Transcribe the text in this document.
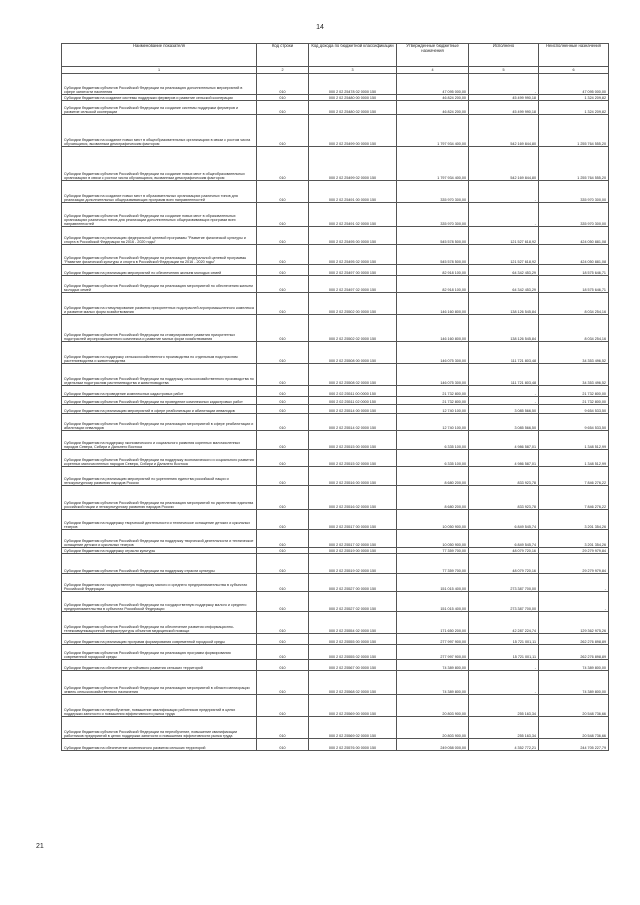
14
21
Наименование показателя	Код строки	Код дохода по бюджетной классификации	Утвержденные бюджетные назначения	Исполнено	Неисполненные назначения
1	2	3	4	5	6
Субсидии бюджетам субъектов Российской Федерации на реализацию дополнительных мероприятий в сфере занятости населения	010	000 2 02 25478 02 0000 150	47 095 000,00	-	47 095 000,00
Субсидии бюджетам на создание системы поддержки фермеров и развитие сельской кооперации	010	000 2 02 25480 00 0000 150	46 824 200,00	45 499 990,18	1 324 209,82
Субсидии бюджетам субъектов Российской Федерации на создание системы поддержки фермеров и развитие сельской кооперации	010	000 2 02 25480 02 0000 150	46 824 200,00	45 499 990,18	1 324 209,82
Субсидии бюджетам на создание новых мест в общеобразовательных организациях в связи с ростом числа обучающихся, вызванным демографическим фактором	010	000 2 02 25499 00 0000 150	1 797 934 400,00	542 169 844,80	1 255 764 555,20
Субсидии бюджетам субъектов Российской Федерации на создание новых мест в общеобразовательных организациях в связи с ростом числа обучающихся, вызванным демографическим фактором	010	000 2 02 25499 02 0000 150	1 797 934 400,00	542 169 844,80	1 255 764 555,20
Субсидии бюджетам на создание новых мест в образовательных организациях различных типов для реализации дополнительных общеразвивающих программ всех направленностей	010	000 2 02 25491 00 0000 150	335 970 300,00	-	335 970 300,00
Субсидии бюджетам субъектов Российской Федерации на создание новых мест в образовательных организациях различных типов для реализации дополнительных общеразвивающих программ всех направленностей	010	000 2 02 25491 02 0000 150	335 970 300,00	-	335 970 300,00
Субсидии бюджетам на реализацию федеральной целевой программы "Развитие физической культуры и спорта в Российской Федерации на 2016 - 2020 годы"	010	000 2 02 25495 00 0000 150	545 578 500,00	121 527 618,92	424 050 881,08
Субсидии бюджетам субъектов Российской Федерации на реализацию федеральной целевой программы "Развитие физической культуры и спорта в Российской Федерации на 2016 - 2020 годы"	010	000 2 02 25495 02 0000 150	545 578 500,00	121 527 618,92	424 050 881,08
Субсидии бюджетам на реализацию мероприятий по обеспечению жильем молодых семей	010	000 2 02 25497 00 0000 150	82 918 100,00	64 342 453,29	18 575 646,71
Субсидии бюджетам субъектов Российской Федерации на реализацию мероприятий по обеспечению жильем молодых семей	010	000 2 02 25497 02 0000 150	82 918 100,00	64 342 453,29	18 575 646,71
Субсидии бюджетам на стимулирование развития приоритетных подотраслей агропромышленного комплекса и развитие малых форм хозяйствования	010	000 2 02 25502 00 0000 150	146 160 800,00	138 126 545,84	8 034 254,16
Субсидии бюджетам субъектов Российской Федерации на стимулирование развития приоритетных подотраслей агропромышленного комплекса и развитие малых форм хозяйствования	010	000 2 02 25502 02 0000 150	146 160 800,00	138 126 545,84	8 034 254,16
Субсидии бюджетам на поддержку сельскохозяйственного производства по отдельным подотраслям растениеводства и животноводства	010	000 2 02 25508 00 0000 150	146 075 300,00	111 721 803,48	34 353 496,52
Субсидии бюджетам субъектов Российской Федерации на поддержку сельскохозяйственного производства по отдельным подотраслям растениеводства и животноводства	010	000 2 02 25508 02 0000 150	146 075 300,00	111 721 803,48	34 353 496,52
Субсидии бюджетам на проведение комплексных кадастровых работ	010	000 2 02 25511 00 0000 150	21 732 800,00	-	21 732 800,00
Субсидии бюджетам субъектов Российской Федерации на проведение комплексных кадастровых работ	010	000 2 02 25511 02 0000 150	21 732 800,00	-	21 732 800,00
Субсидии бюджетам на реализацию мероприятий в сфере реабилитации и абилитации инвалидов	010	000 2 02 25514 00 0000 150	12 740 100,00	3 085 566,50	9 654 533,50
Субсидии бюджетам субъектов Российской Федерации на реализацию мероприятий в сфере реабилитации и абилитации инвалидов	010	000 2 02 25514 02 0000 150	12 740 100,00	3 085 566,50	9 654 533,50
Субсидии бюджетам на поддержку экономического и социального развития коренных малочисленных народов Севера, Сибири и Дальнего Востока	010	000 2 02 25515 00 0000 150	6 335 100,00	4 986 587,01	1 348 512,99
Субсидии бюджетам субъектов Российской Федерации на поддержку экономического и социального развития коренных малочисленных народов Севера, Сибири и Дальнего Востока	010	000 2 02 25515 02 0000 150	6 335 100,00	4 986 587,01	1 348 512,99
Субсидии бюджетам на реализацию мероприятий по укреплению единства российской нации и этнокультурному развитию народов России	010	000 2 02 25516 00 0000 150	8 680 200,00	833 923,78	7 846 276,22
Субсидии бюджетам субъектов Российской Федерации на реализацию мероприятий по укреплению единства российской нации и этнокультурному развитию народов России	010	000 2 02 25516 02 0000 150	8 680 200,00	833 923,78	7 846 276,22
Субсидии бюджетам на поддержку творческой деятельности и техническое оснащение детских и кукольных театров	010	000 2 02 25517 00 0000 150	10 050 900,00	6 849 545,74	3 201 354,26
Субсидии бюджетам субъектов Российской Федерации на поддержку творческой деятельности и техническое оснащение детских и кукольных театров	010	000 2 02 25517 02 0000 150	10 050 900,00	6 849 545,74	3 201 354,26
Субсидии бюджетам на поддержку отрасли культуры	010	000 2 02 25519 00 0000 150	77 359 700,00	48 079 720,16	29 279 979,84
Субсидии бюджетам субъектов Российской Федерации на поддержку отрасли культуры	010	000 2 02 25519 02 0000 150	77 359 700,00	48 079 720,16	29 279 979,84
Субсидии бюджетам на государственную поддержку малого и среднего предпринимательства в субъектах Российской Федерации	010	000 2 02 25527 00 0000 150	151 015 400,00	273 387 700,00	-
Субсидии бюджетам субъектов Российской Федерации на государственную поддержку малого и среднего предпринимательства в субъектах Российской Федерации	010	000 2 02 25527 02 0000 150	151 015 400,00	273 387 700,00	-
Субсидии бюджетам субъектов Российской Федерации на обеспечение развития информационно-телекоммуникационной инфраструктуры объектов медицинской помощи	010	000 2 02 25554 02 0000 150	171 650 200,00	42 287 224,74	129 362 975,26
Субсидии бюджетам на реализацию программ формирования современной городской среды	010	000 2 02 25555 00 0000 150	277 997 900,00	15 721 001,11	262 276 898,89
Субсидии бюджетам субъектов Российской Федерации на реализацию программ формирования современной городской среды	010	000 2 02 25555 02 0000 150	277 997 900,00	15 721 001,11	262 276 898,89
Субсидии бюджетам на обеспечение устойчивого развития сельских территорий	010	000 2 02 25567 00 0000 150	74 389 800,00	-	74 389 800,00
Субсидии бюджетам субъектов Российской Федерации на реализацию мероприятий в области мелиорации земель сельскохозяйственного назначения	010	000 2 02 25568 02 0000 150	74 389 800,00	-	74 389 800,00
Субсидии бюджетам на переобучение, повышение квалификации работников предприятий в целях поддержки занятости и повышения эффективности рынка труда	010	000 2 02 25569 00 0000 150	20 803 900,00	255 163,34	20 548 736,66
Субсидии бюджетам субъектов Российской Федерации на переобучение, повышение квалификации работников предприятий в целях поддержки занятости и повышения эффективности рынка труда	010	000 2 02 25569 02 0000 150	20 803 900,00	255 163,34	20 548 736,66
Субсидии бюджетам на обеспечение комплексного развития сельских территорий	010	000 2 02 25576 00 0000 150	249 058 000,00	4 352 772,21	244 705 227,79
